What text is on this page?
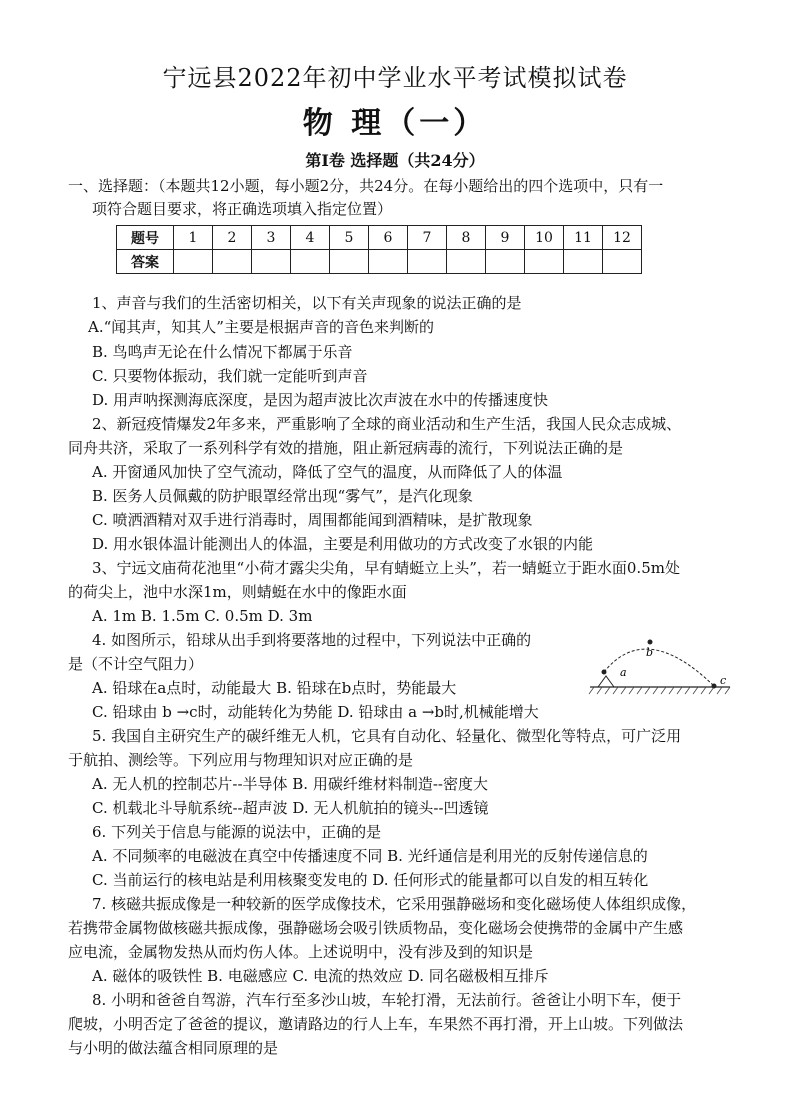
宁远县2022年初中学业水平考试模拟试卷
物 理（一）
第Ⅰ卷 选择题（共24分）
一、选择题：（本题共12小题，每小题2分，共24分。在每小题给出的四个选项中，只有一
项符合题目要求，将正确选项填入指定位置）
题号	1	2	3	4	5	6	7	8	9	10	11	12
答案												
1、声音与我们的生活密切相关，以下有关声现象的说法正确的是
A.“闻其声，知其人”主要是根据声音的音色来判断的
B. 鸟鸣声无论在什么情况下都属于乐音
C. 只要物体振动，我们就一定能听到声音
D. 用声呐探测海底深度，是因为超声波比次声波在水中的传播速度快
2、新冠疫情爆发2年多来，严重影响了全球的商业活动和生产生活，我国人民众志成城、
同舟共济，采取了一系列科学有效的措施，阻止新冠病毒的流行，下列说法正确的是
A. 开窗通风加快了空气流动，降低了空气的温度，从而降低了人的体温
B. 医务人员佩戴的防护眼罩经常出现“雾气”，是汽化现象
C. 喷洒酒精对双手进行消毒时，周围都能闻到酒精味，是扩散现象
D. 用水银体温计能测出人的体温，主要是利用做功的方式改变了水银的内能
3、宁远文庙荷花池里“小荷才露尖尖角，早有蜻蜓立上头”，若一蜻蜓立于距水面0.5m处
的荷尖上，池中水深1m，则蜻蜓在水中的像距水面
A. 1m B. 1.5m C. 0.5m D. 3m
4. 如图所示，铅球从出手到将要落地的过程中，下列说法中正确的
是（不计空气阻力）
A. 铅球在a点时，动能最大 B. 铅球在b点时，势能最大
C. 铅球由 b →c时，动能转化为势能 D. 铅球由 a →b时,机械能增大
5. 我国自主研究生产的碳纤维无人机，它具有自动化、轻量化、微型化等特点，可广泛用
于航拍、测绘等。下列应用与物理知识对应正确的是
A. 无人机的控制芯片--半导体 B. 用碳纤维材料制造--密度大
C. 机载北斗导航系统--超声波 D. 无人机航拍的镜头--凹透镜
6. 下列关于信息与能源的说法中，正确的是
A. 不同频率的电磁波在真空中传播速度不同 B. 光纤通信是利用光的反射传递信息的
C. 当前运行的核电站是利用核聚变发电的 D. 任何形式的能量都可以自发的相互转化
7. 核磁共振成像是一种较新的医学成像技术，它采用强静磁场和变化磁场使人体组织成像，
若携带金属物做核磁共振成像，强静磁场会吸引铁质物品，变化磁场会使携带的金属中产生感
应电流，金属物发热从而灼伤人体。上述说明中，没有涉及到的知识是
A. 磁体的吸铁性 B. 电磁感应 C. 电流的热效应 D. 同名磁极相互排斥
8. 小明和爸爸自驾游，汽车行至多沙山坡，车轮打滑，无法前行。爸爸让小明下车，便于
爬坡，小明否定了爸爸的提议，邀请路边的行人上车，车果然不再打滑，开上山坡。下列做法
与小明的做法蕴含相同原理的是
a
b
c
